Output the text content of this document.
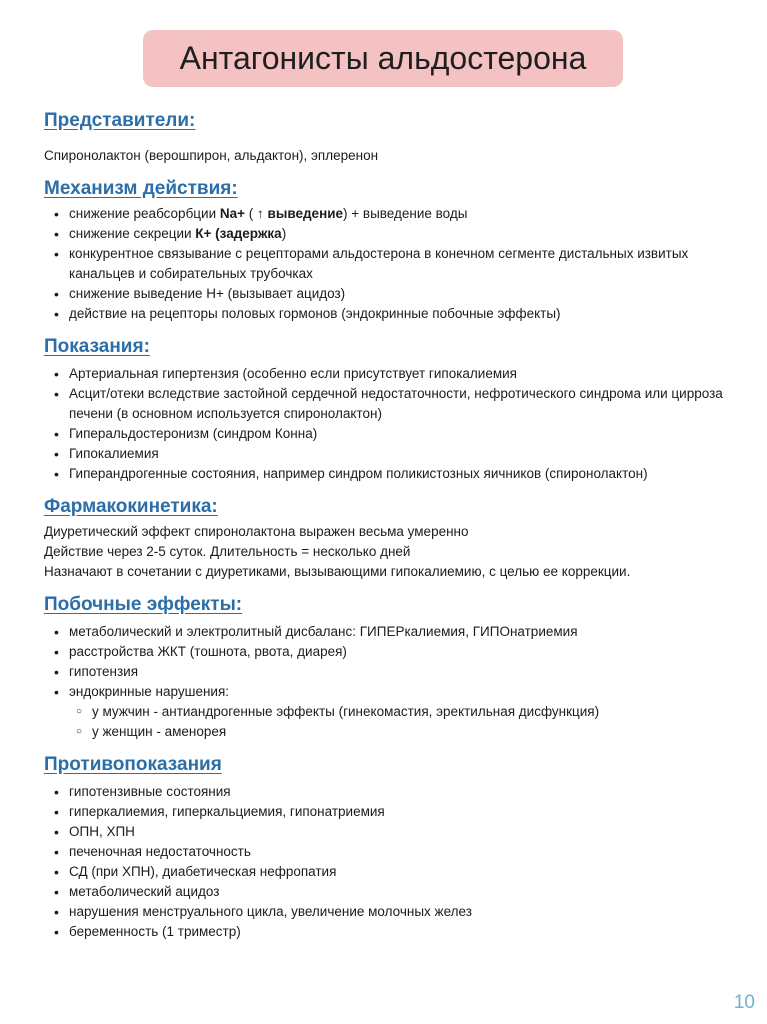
Антагонисты альдостерона
Представители:

Спиронолактон (верошпирон, альдактон), эплеренон

Механизм действия:
• снижение реабсорбции Na+ ( ↑ выведение) + выведение воды
• снижение секреции К+ (задержка)
• конкурентное связывание с рецепторами альдостерона в конечном сегменте дистальных извитых канальцев и собирательных трубочках
• снижение выведение Н+ (вызывает ацидоз)
• действие на рецепторы половых гормонов (эндокринные побочные эффекты)
Показания:
• Артериальная гипертензия (особенно если присутствует гипокалиемия
• Асцит/отеки вследствие застойной сердечной недостаточности, нефротического синдрома или цирроза печени (в основном используется спиронолактон)
• Гиперальдостеронизм (синдром Конна)
• Гипокалиемия
• Гиперандрогенные состояния, например синдром поликистозных яичников (спиронолактон)
Фармакокинетика:

Диуретический эффект спиронолактона выражен весьма умеренно

Действие через 2-5 суток. Длительность = несколько дней

Назначают в сочетании с диуретиками, вызывающими гипокалиемию, с целью ее коррекции.

Побочные эффекты:
• метаболический и электролитный дисбаланс: ГИПЕРкалиемия, ГИПОнатриемия
• расстройства ЖКТ (тошнота, рвота, диарея)
• гипотензия
• эндокринные нарушения:
○ у мужчин - антиандрогенные эффекты (гинекомастия, эректильная дисфункция)
○ у женщин - аменорея
Противопоказания
• гипотензивные состояния
• гиперкалиемия, гиперкальциемия, гипонатриемия
• ОПН, ХПН
• печеночная недостаточность
• СД (при ХПН), диабетическая нефропатия
• метаболический ацидоз
• нарушения менструального цикла, увеличение молочных желез
• беременность (1 триместр)
10
